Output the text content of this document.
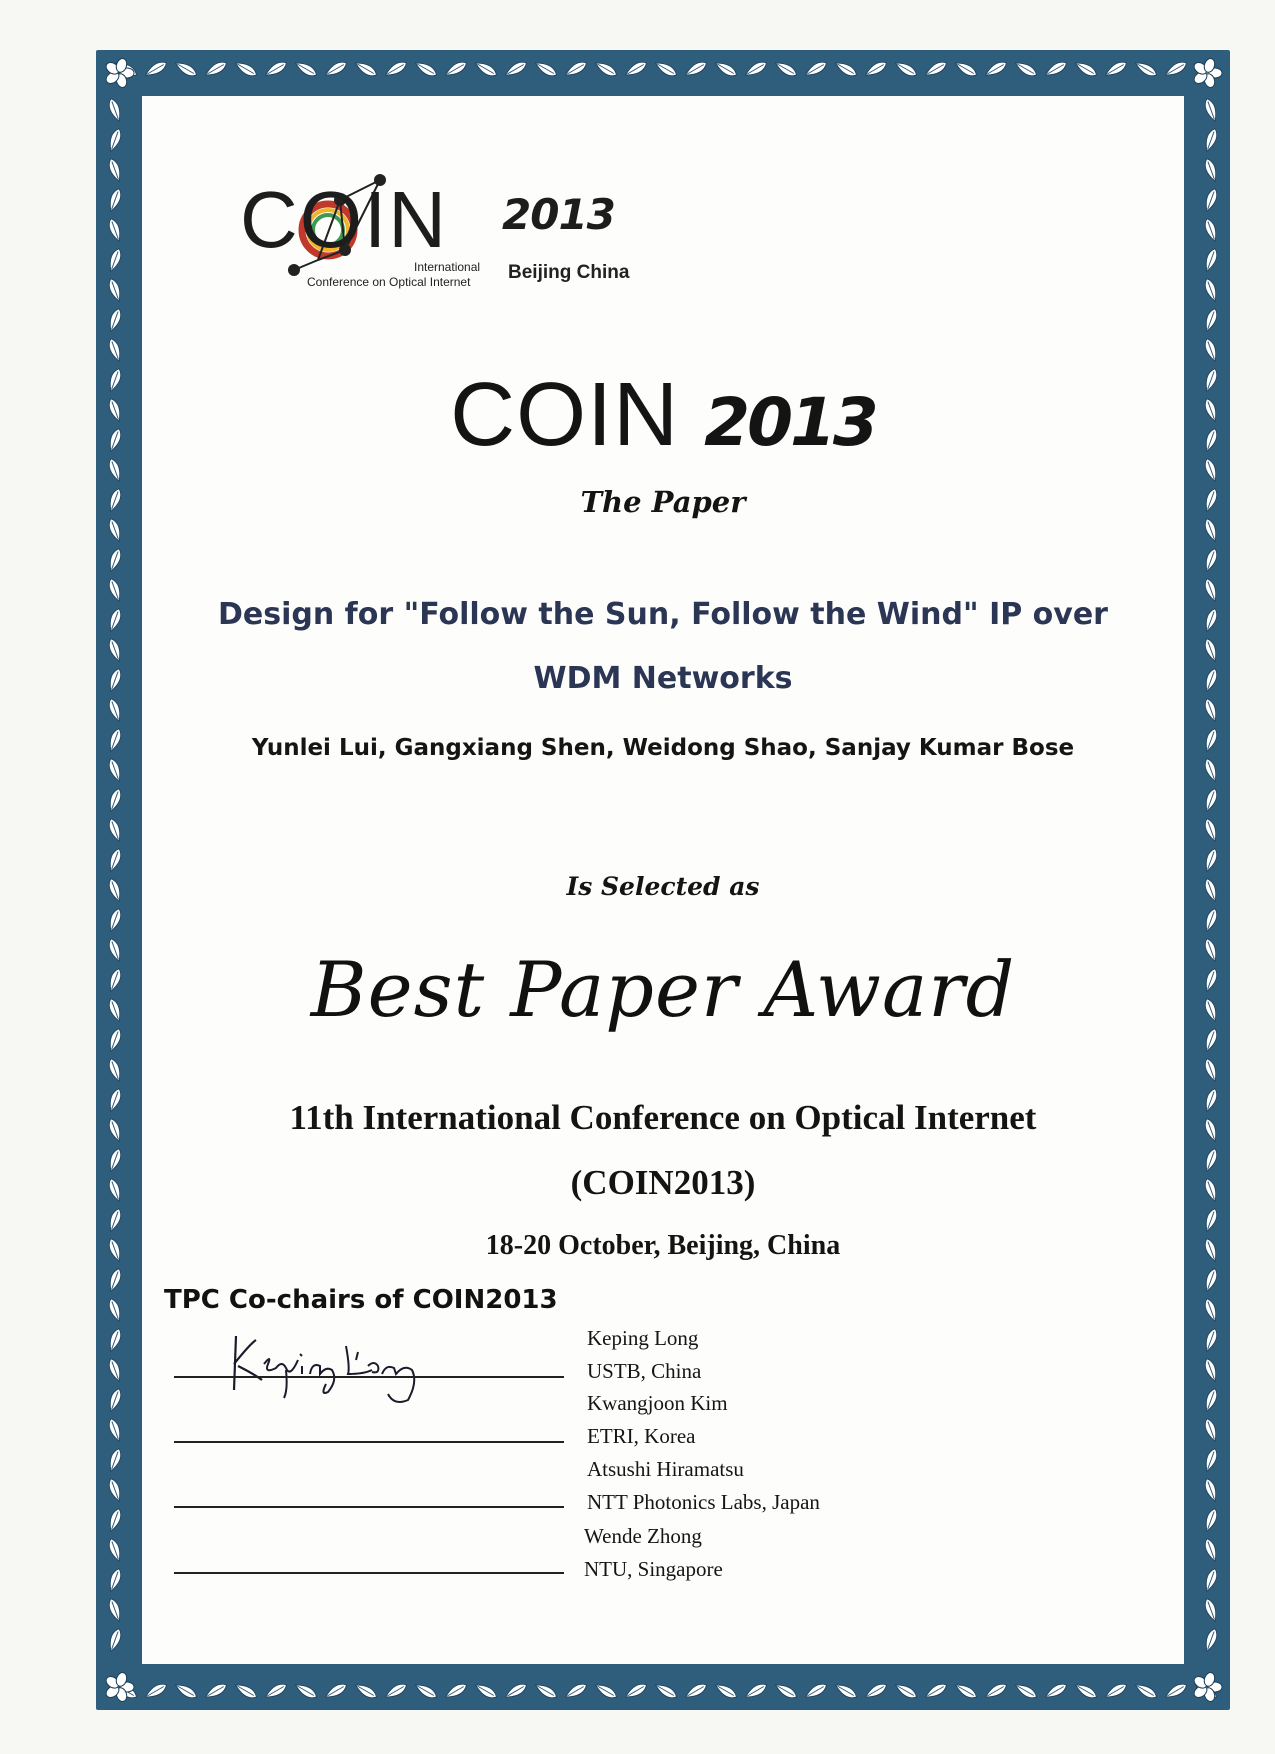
COIN 2013
International
Conference on Optical Internet Beijing China
COIN 2013
The Paper
Design for "Follow the Sun, Follow the Wind" IP over
WDM Networks
Yunlei Lui, Gangxiang Shen, Weidong Shao, Sanjay Kumar Bose
Is Selected as
Best Paper Award
11th International Conference on Optical Internet
(COIN2013)
18-20 October, Beijing, China
TPC Co-chairs of COIN2013
Keping Long
USTB, China
Kwangjoon Kim
ETRI, Korea
Atsushi Hiramatsu
NTT Photonics Labs, Japan
Wende Zhong
NTU, Singapore
